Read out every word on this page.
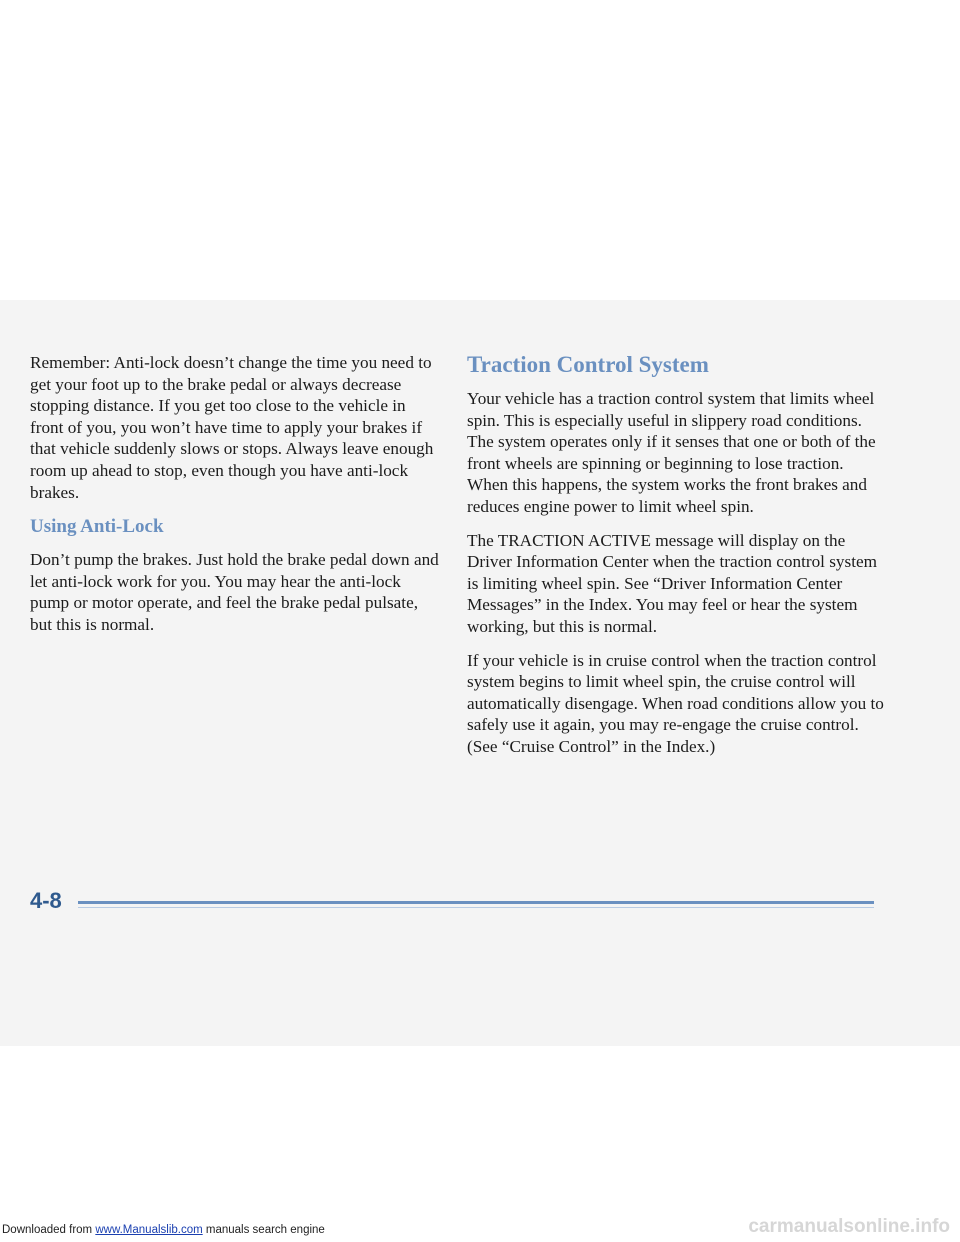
Remember: Anti-lock doesn’t change the time you need to get your foot up to the brake pedal or always decrease stopping distance. If you get too close to the vehicle in front of you, you won’t have time to apply your brakes if that vehicle suddenly slows or stops. Always leave enough room up ahead to stop, even though you have anti-lock brakes.

Using Anti-Lock

Don’t pump the brakes. Just hold the brake pedal down and let anti-lock work for you. You may hear the anti-lock pump or motor operate, and feel the brake pedal pulsate, but this is normal.

Traction Control System

Your vehicle has a traction control system that limits wheel spin. This is especially useful in slippery road conditions. The system operates only if it senses that one or both of the front wheels are spinning or beginning to lose traction. When this happens, the system works the front brakes and reduces engine power to limit wheel spin.

The TRACTION ACTIVE message will display on the Driver Information Center when the traction control system is limiting wheel spin. See “Driver Information Center Messages” in the Index. You may feel or hear the system working, but this is normal.

If your vehicle is in cruise control when the traction control system begins to limit wheel spin, the cruise control will automatically disengage. When road conditions allow you to safely use it again, you may re-engage the cruise control. (See “Cruise Control” in the Index.)

4-8
Downloaded from www.Manualslib.com manuals search engine	carmanualsonline.info
